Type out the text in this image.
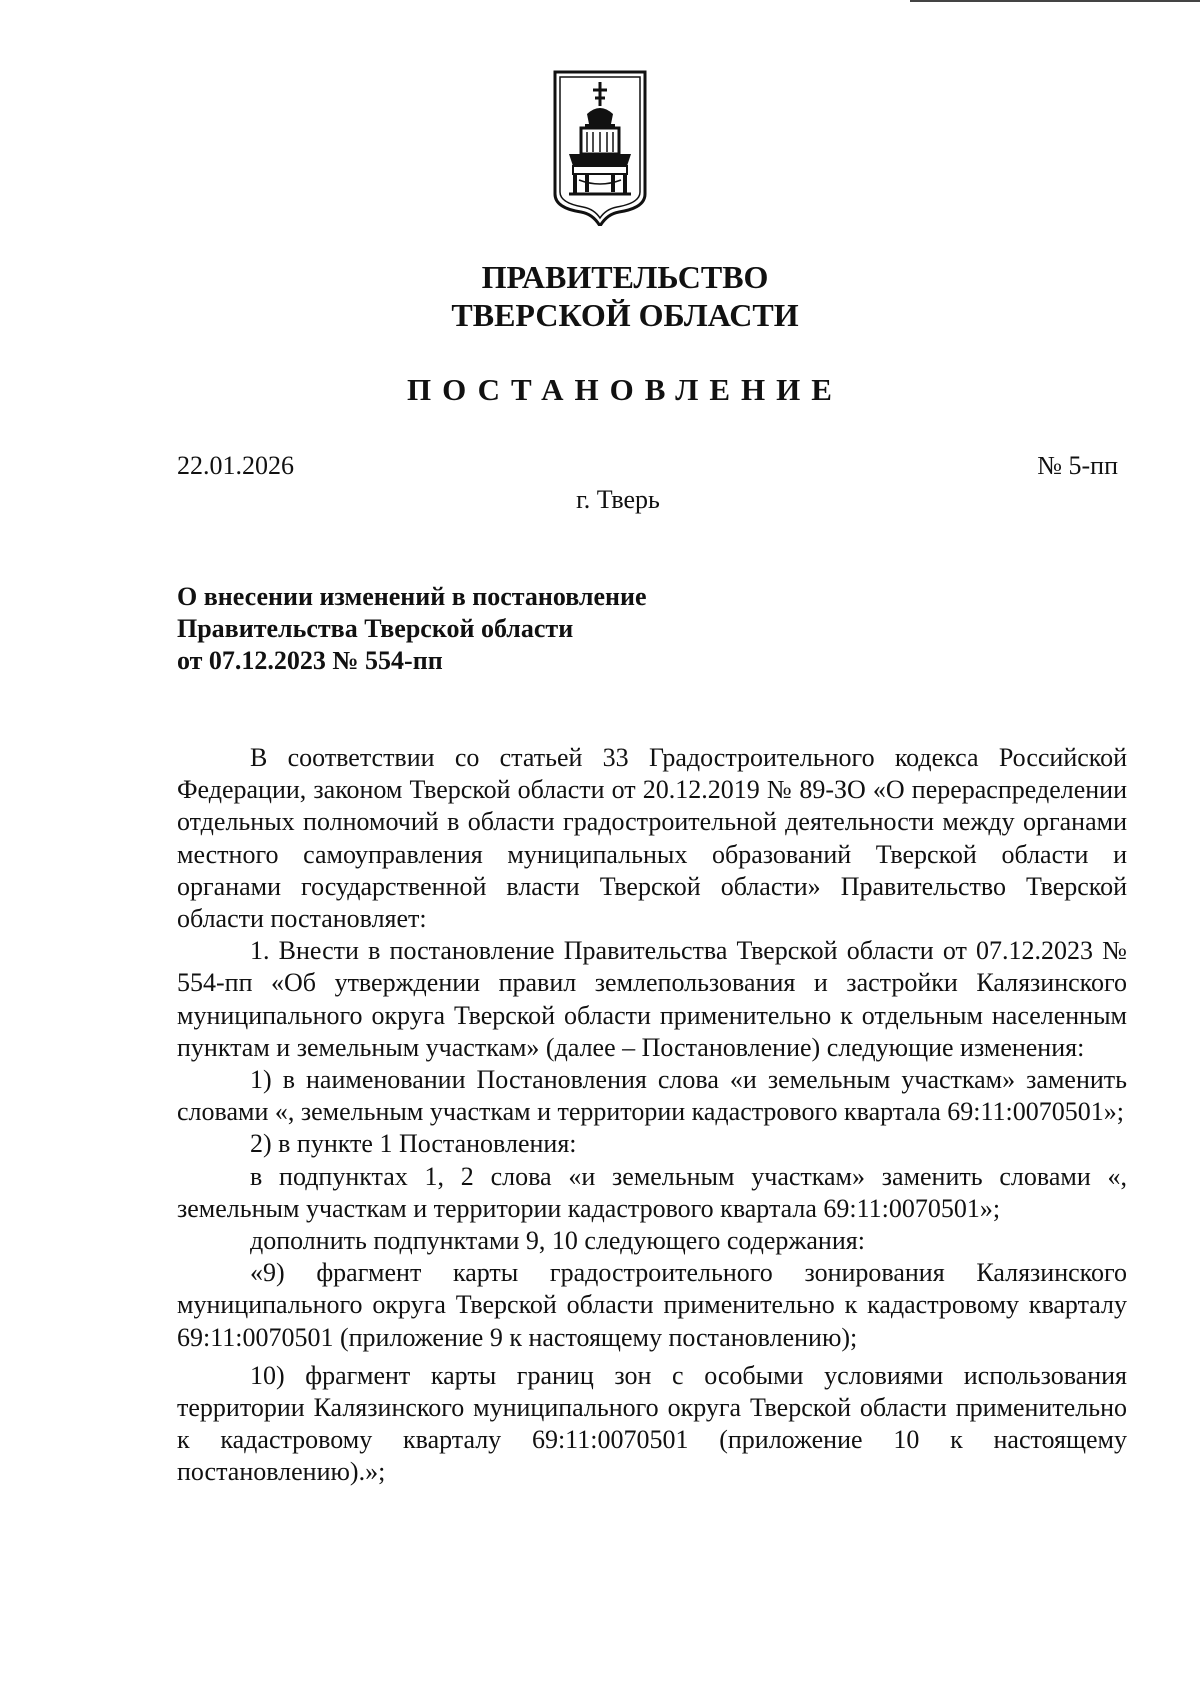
ПРАВИТЕЛЬСТВО
ТВЕРСКОЙ ОБЛАСТИ
ПОСТАНОВЛЕНИЕ
22.01.2026	№ 5-пп
г. Тверь
О внесении изменений в постановление
Правительства Тверской области
от 07.12.2023 № 554-пп

В соответствии со статьей 33 Градостроительного кодекса Российской Федерации, законом Тверской области от 20.12.2019 № 89-ЗО «О перераспределении отдельных полномочий в области градостроительной деятельности между органами местного самоуправления муниципальных образований Тверской области и органами государственной власти Тверской области» Правительство Тверской области постановляет:

1. Внести в постановление Правительства Тверской области от 07.12.2023 № 554-пп «Об утверждении правил землепользования и застройки Калязинского муниципального округа Тверской области применительно к отдельным населенным пунктам и земельным участкам» (далее – Постановление) следующие изменения:

1) в наименовании Постановления слова «и земельным участкам» заменить словами «, земельным участкам и территории кадастрового квартала 69:11:0070501»;

2) в пункте 1 Постановления:

в подпунктах 1, 2 слова «и земельным участкам» заменить словами «, земельным участкам и территории кадастрового квартала 69:11:0070501»;

дополнить подпунктами 9, 10 следующего содержания:

«9) фрагмент карты градостроительного зонирования Калязинского муниципального округа Тверской области применительно к кадастровому кварталу 69:11:0070501 (приложение 9 к настоящему постановлению);

10) фрагмент карты границ зон с особыми условиями использования территории Калязинского муниципального округа Тверской области применительно к кадастровому кварталу 69:11:0070501 (приложение 10 к настоящему постановлению).»;
